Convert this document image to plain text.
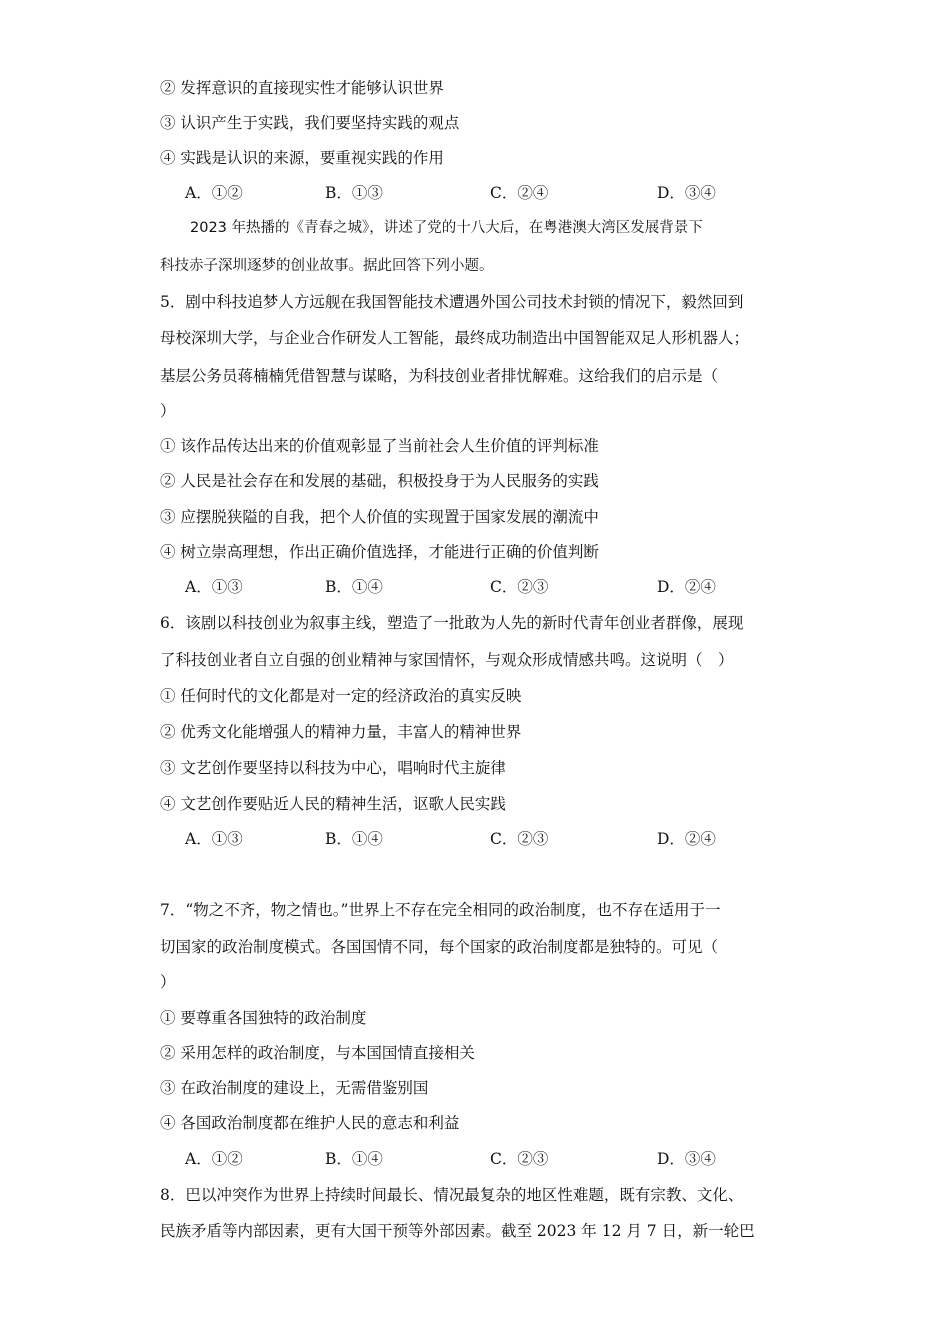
② 发挥意识的直接现实性才能够认识世界
③ 认识产生于实践，我们要坚持实践的观点
④ 实践是认识的来源，要重视实践的作用
A．①②	B．①③	C．②④	D．③④
2023 年热播的《青春之城》，讲述了党的十八大后，在粤港澳大湾区发展背景下
科技赤子深圳逐梦的创业故事。据此回答下列小题。
5．剧中科技追梦人方远舰在我国智能技术遭遇外国公司技术封锁的情况下，毅然回到
母校深圳大学，与企业合作研发人工智能，最终成功制造出中国智能双足人形机器人；
基层公务员蒋楠楠凭借智慧与谋略，为科技创业者排忧解难。这给我们的启示是（
）
① 该作品传达出来的价值观彰显了当前社会人生价值的评判标准
② 人民是社会存在和发展的基础，积极投身于为人民服务的实践
③ 应摆脱狭隘的自我，把个人价值的实现置于国家发展的潮流中
④ 树立崇高理想，作出正确价值选择，才能进行正确的价值判断
A．①③	B．①④	C．②③	D．②④
6．该剧以科技创业为叙事主线，塑造了一批敢为人先的新时代青年创业者群像，展现
了科技创业者自立自强的创业精神与家国情怀，与观众形成情感共鸣。这说明（　）
① 任何时代的文化都是对一定的经济政治的真实反映
② 优秀文化能增强人的精神力量，丰富人的精神世界
③ 文艺创作要坚持以科技为中心，唱响时代主旋律
④ 文艺创作要贴近人民的精神生活，讴歌人民实践
A．①③	B．①④	C．②③	D．②④
7．“物之不齐，物之情也。”世界上不存在完全相同的政治制度，也不存在适用于一
切国家的政治制度模式。各国国情不同，每个国家的政治制度都是独特的。可见（
）
① 要尊重各国独特的政治制度
② 采用怎样的政治制度，与本国国情直接相关
③ 在政治制度的建设上，无需借鉴别国
④ 各国政治制度都在维护人民的意志和利益
A．①②	B．①④	C．②③	D．③④
8．巴以冲突作为世界上持续时间最长、情况最复杂的地区性难题，既有宗教、文化、
民族矛盾等内部因素，更有大国干预等外部因素。截至 2023 年 12 月 7 日，新一轮巴
